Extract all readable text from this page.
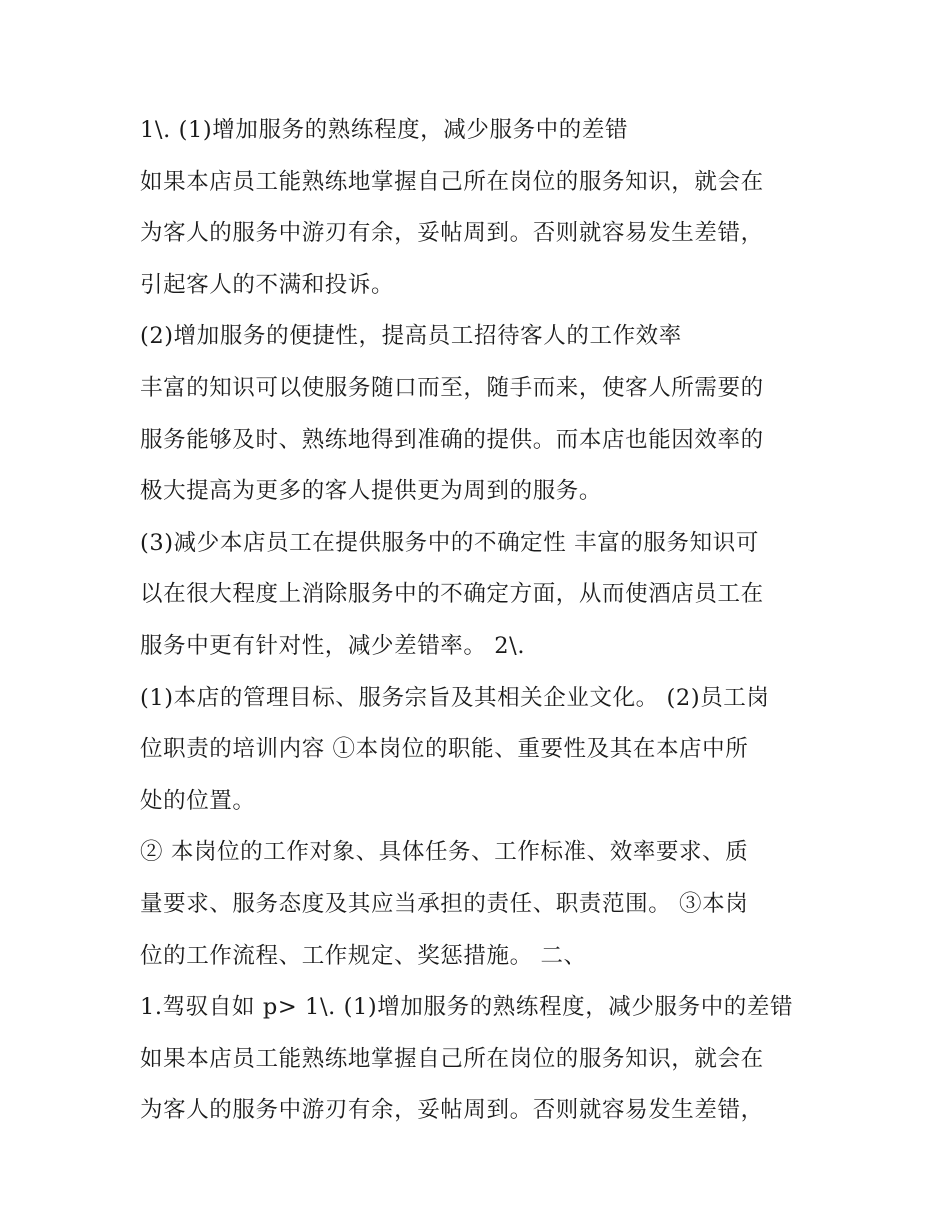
1\. (1)增加服务的熟练程度，减少服务中的差错
如果本店员工能熟练地掌握自己所在岗位的服务知识，就会在
为客人的服务中游刃有余，妥帖周到。否则就容易发生差错，
引起客人的不满和投诉。
(2)增加服务的便捷性，提高员工招待客人的工作效率
丰富的知识可以使服务随口而至，随手而来，使客人所需要的
服务能够及时、熟练地得到准确的提供。而本店也能因效率的
极大提高为更多的客人提供更为周到的服务。
(3)减少本店员工在提供服务中的不确定性 丰富的服务知识可
以在很大程度上消除服务中的不确定方面，从而使酒店员工在
服务中更有针对性，减少差错率。 2\.
(1)本店的管理目标、服务宗旨及其相关企业文化。 (2)员工岗
位职责的培训内容 ①本岗位的职能、重要性及其在本店中所
处的位置。
② 本岗位的工作对象、具体任务、工作标准、效率要求、质
量要求、服务态度及其应当承担的责任、职责范围。 ③本岗
位的工作流程、工作规定、奖惩措施。 二、
1.驾驭自如 p> 1\. (1)增加服务的熟练程度，减少服务中的差错
如果本店员工能熟练地掌握自己所在岗位的服务知识，就会在
为客人的服务中游刃有余，妥帖周到。否则就容易发生差错，
